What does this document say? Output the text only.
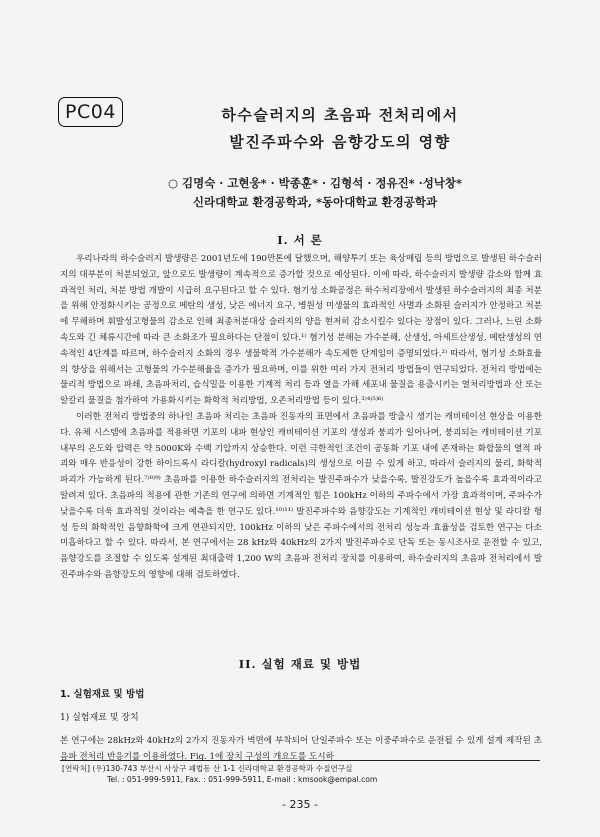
PC04	하수슬러지의 초음파 전처리에서
발진주파수와 음향강도의 영향
○ 김명숙 · 고현웅* · 박종훈* · 김형석 · 정유진* ·성낙창*
신라대학교 환경공학과, *동아대학교 환경공학과
I. 서 론

우리나라의 하수슬러지 발생량은 2001년도에 190만톤에 달했으며, 해양투기 또는 육상매립 등의 방법으로 발생된 하수슬러지의 대부분이 처분되었고, 앞으로도 발생량이 계속적으로 증가할 것으로 예상된다. 이에 따라, 하수슬러지 발생량 감소와 함께 효과적인 처리, 처분 방법 개발이 시급히 요구된다고 할 수 있다. 혐기성 소화공정은 하수처리장에서 발생된 하수슬러지의 최종 처분을 위해 안정화시키는 공정으로 메탄의 생성, 낮은 에너지 요구, 병원성 미생물의 효과적인 사멸과 소화된 슬러지가 안정하고 처분에 무해하며 휘발성고형물의 감소로 인해 최종처분대상 슬러지의 양을 현저히 감소시킬수 있다는 장점이 있다. 그러나, 느린 소화속도와 긴 체류시간에 따라 큰 소화조가 필요하다는 단점이 있다.¹⁾ 혐기성 분해는 가수분해, 산생성, 아세트산생성, 메탄생성의 연속적인 4단계를 따르며, 하수슬러지 소화의 경우 생물학적 가수분해가 속도제한 단계임이 증명되었다.²⁾ 따라서, 혐기성 소화효율의 향상을 위해서는 고형물의 가수분해율을 증가가 필요하며, 이를 위한 여러 가지 전처리 방법들이 연구되었다. 전처리 방법에는 물리적 방법으로 파쇄, 초음파처리, 습식밀을 이용한 기계적 처리 등과 열을 가해 세포내 물질을 용출시키는 열처리방법과 산 또는 알칼리 물질을 첨가하여 가용화시키는 화학적 처리방법, 오존처리방법 등이 있다.³⁾⁴⁾⁵⁾⁶⁾

이러한 전처리 방법중의 하나인 초음파 처리는 초음파 진동자의 표면에서 초음파를 방출시 생기는 캐비테이션 현상을 이용한다. 유체 시스템에 초음파를 적용하면 기포의 내파 현상인 캐비테이션 기포의 생성과 붕괴가 일어나며, 붕괴되는 캐비테이션 기포 내부의 온도와 압력은 약 5000K와 수백 기압까지 상승한다. 이런 극한적인 조건이 공동화 기포 내에 존재하는 화합물의 열적 파괴와 매우 반응성이 강한 하이드록시 라디칼(hydroxyl radicals)의 생성으로 이끌 수 있게 하고, 따라서 슬러지의 물리, 화학적 파괴가 가능하게 된다.⁷⁾⁸⁾⁹⁾ 초음파를 이용한 하수슬러지의 전처리는 발진주파수가 낮을수록, 발진강도가 높을수록 효과적이라고 알려져 있다. 초음파의 적용에 관한 기존의 연구에 의하면 기계적인 힘은 100kHz 이하의 주파수에서 가장 효과적이며, 주파수가 낮을수록 더욱 효과적일 것이라는 예측을 한 연구도 있다.¹⁰⁾¹¹⁾ 발진주파수와 음향강도는 기계적인 캐비테이션 현상 및 라디칼 형성 등의 화학적인 음향화학에 크게 연관되지만, 100kHz 이하의 낮은 주파수에서의 전처리 성능과 효율성을 검토한 연구는 다소 미흡하다고 할 수 있다. 따라서, 본 연구에서는 28 kHz와 40kHz의 2가지 발진주파수로 단독 또는 동시조사로 운전할 수 있고, 음향강도를 조절할 수 있도록 설계된 최대출력 1,200 W의 초음파 전처리 장치를 이용하여, 하수슬러지의 초음파 전처리에서 발진주파수와 음향강도의 영향에 대해 검토하였다.

II. 실험 재료 및 방법
1. 실험재료 및 방법
1) 실험재료 및 장치

본 연구에는 28kHz와 40kHz의 2가지 진동자가 벽면에 부착되어 단일주파수 또는 이중주파수로 운전될 수 있게 설계 제작된 초음파 전처리 반응기를 이용하였다. Fig. 1에 장치 구성의 개요도를 도시하

[연락처] (우)130-743 부산시 사상구 괘법동 산 1-1 신라대학교 환경공학과 수질연구실
Tel. : 051-999-5911, Fax. : 051-999-5911, E-mail : kmsook@empal.com
- 235 -
